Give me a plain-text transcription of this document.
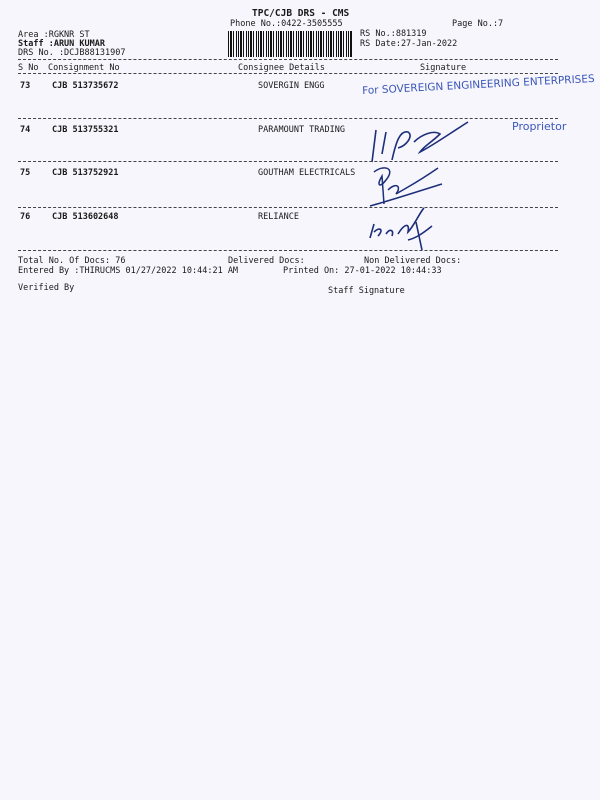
TPC/CJB DRS - CMS
Phone No.:0422-3505555	Page No.:7
Area :RGKNR ST
Staff :ARUN KUMAR
DRS No. :DCJB88131907
RS No.:881319
RS Date:27-Jan-2022
S No Consignment No	Consignee Details	Signature
73	CJB 513735672	SOVERGIN ENGG	For SOVEREIGN ENGINEERING ENTERPRISES
74	CJB 513755321	PARAMOUNT TRADING	Proprietor
75	CJB 513752921	GOUTHAM ELECTRICALS
76	CJB 513602648	RELIANCE
Total No. Of Docs: 76	Delivered Docs:	Non Delivered Docs:
Entered By :THIRUCMS 01/27/2022 10:44:21 AM	Printed On: 27-01-2022 10:44:33
Verified By	Staff Signature
